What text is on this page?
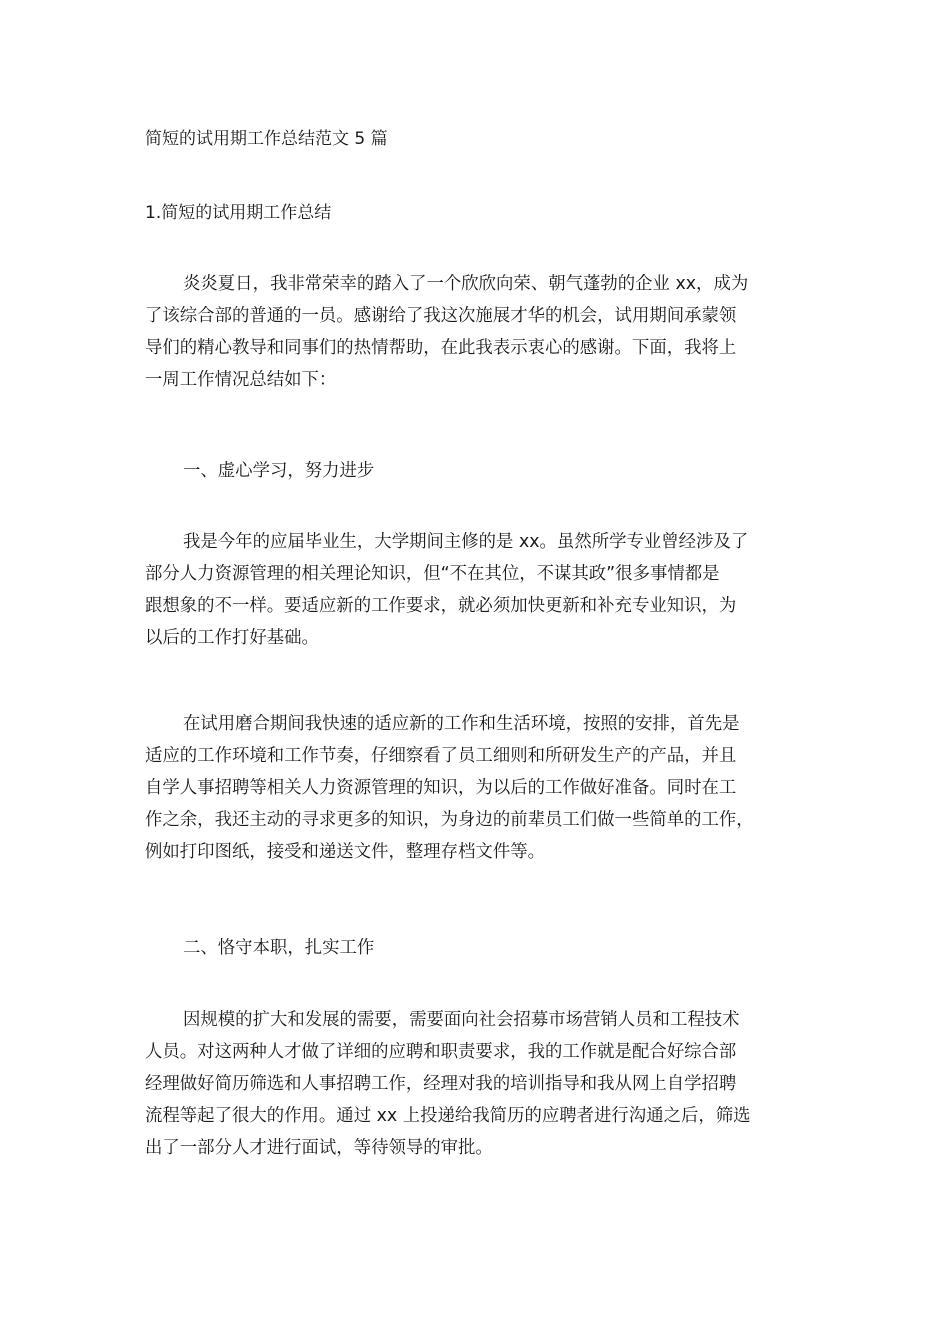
简短的试用期工作总结范文 5 篇
1.简短的试用期工作总结
炎炎夏日，我非常荣幸的踏入了一个欣欣向荣、朝气蓬勃的企业 xx，成为
了该综合部的普通的一员。感谢给了我这次施展才华的机会，试用期间承蒙领
导们的精心教导和同事们的热情帮助，在此我表示衷心的感谢。下面，我将上
一周工作情况总结如下：
一、虚心学习，努力进步
我是今年的应届毕业生，大学期间主修的是 xx。虽然所学专业曾经涉及了
部分人力资源管理的相关理论知识，但“不在其位，不谋其政”很多事情都是
跟想象的不一样。要适应新的工作要求，就必须加快更新和补充专业知识，为
以后的工作打好基础。
在试用磨合期间我快速的适应新的工作和生活环境，按照的安排，首先是
适应的工作环境和工作节奏，仔细察看了员工细则和所研发生产的产品，并且
自学人事招聘等相关人力资源管理的知识，为以后的工作做好准备。同时在工
作之余，我还主动的寻求更多的知识，为身边的前辈员工们做一些简单的工作，
例如打印图纸，接受和递送文件，整理存档文件等。
二、恪守本职，扎实工作
因规模的扩大和发展的需要，需要面向社会招募市场营销人员和工程技术
人员。对这两种人才做了详细的应聘和职责要求，我的工作就是配合好综合部
经理做好简历筛选和人事招聘工作，经理对我的培训指导和我从网上自学招聘
流程等起了很大的作用。通过 xx 上投递给我简历的应聘者进行沟通之后，筛选
出了一部分人才进行面试，等待领导的审批。
